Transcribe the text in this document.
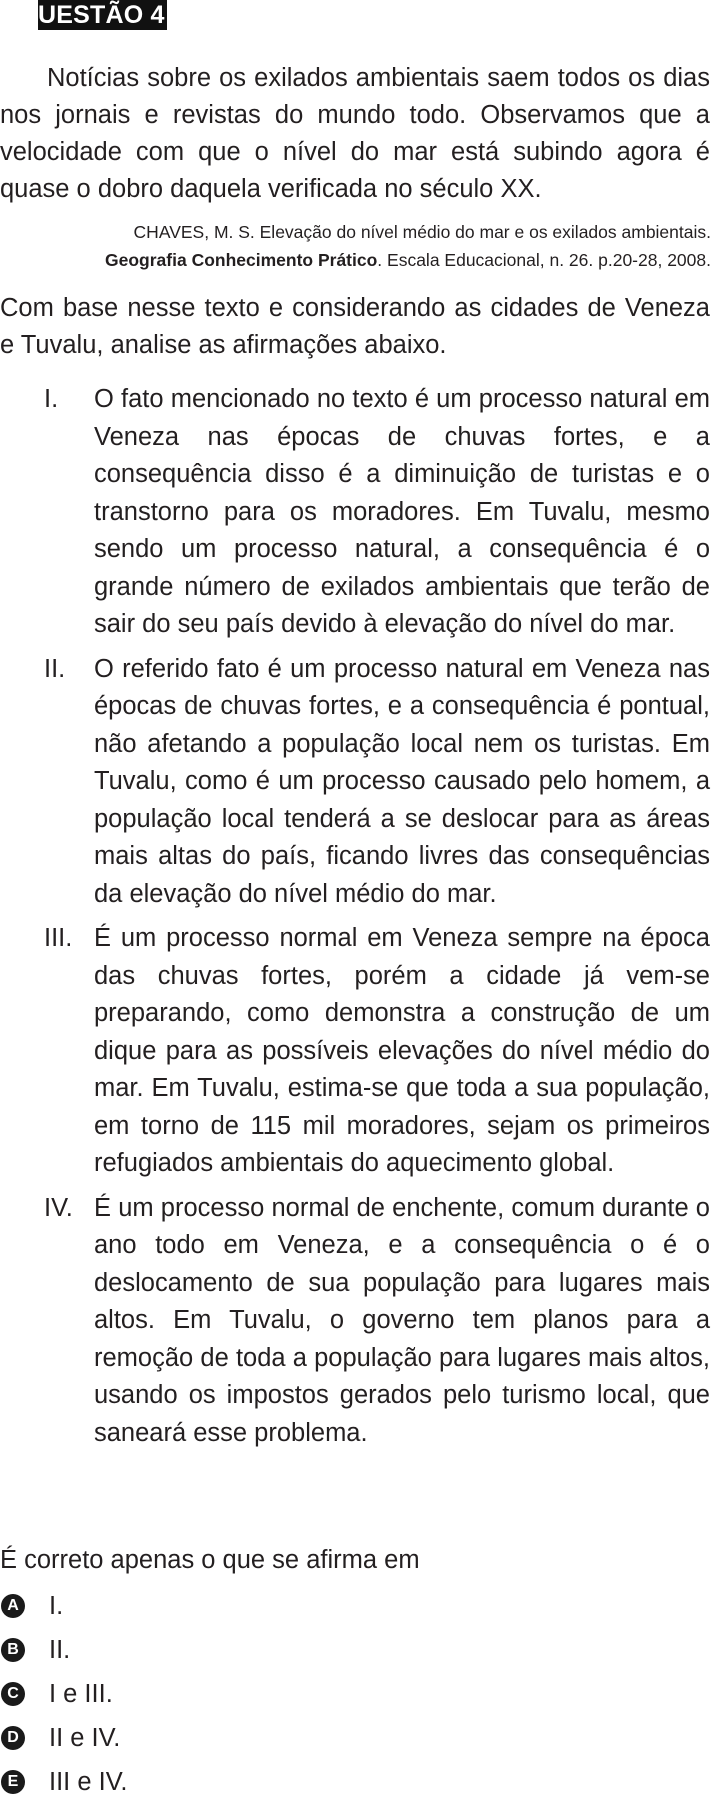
UESTÃO 4

Notícias sobre os exilados ambientais saem todos os dias nos jornais e revistas do mundo todo. Observamos que a velocidade com que o nível do mar está subindo agora é quase o dobro daquela verificada no século XX.

CHAVES, M. S. Elevação do nível médio do mar e os exilados ambientais.
Geografia Conhecimento Prático. Escala Educacional, n. 26. p.20-28, 2008.

Com base nesse texto e considerando as cidades de Veneza e Tuvalu, analise as afirmações abaixo.

I. O fato mencionado no texto é um processo natural em Veneza nas épocas de chuvas fortes, e a consequência disso é a diminuição de turistas e o transtorno para os moradores. Em Tuvalu, mesmo sendo um processo natural, a consequência é o grande número de exilados ambientais que terão de sair do seu país devido à elevação do nível do mar.
II. O referido fato é um processo natural em Veneza nas épocas de chuvas fortes, e a consequência é pontual, não afetando a população local nem os turistas. Em Tuvalu, como é um processo causado pelo homem, a população local tenderá a se deslocar para as áreas mais altas do país, ficando livres das consequências da elevação do nível médio do mar.
III. É um processo normal em Veneza sempre na época das chuvas fortes, porém a cidade já vem-se preparando, como demonstra a construção de um dique para as possíveis elevações do nível médio do mar. Em Tuvalu, estima-se que toda a sua população, em torno de 115 mil moradores, sejam os primeiros refugiados ambientais do aquecimento global.
IV. É um processo normal de enchente, comum durante o ano todo em Veneza, e a consequência o é o deslocamento de sua população para lugares mais altos. Em Tuvalu, o governo tem planos para a remoção de toda a população para lugares mais altos, usando os impostos gerados pelo turismo local, que saneará esse problema.

É correto apenas o que se afirma em

A I.
B II.
C I e III.
D II e IV.
E III e IV.
